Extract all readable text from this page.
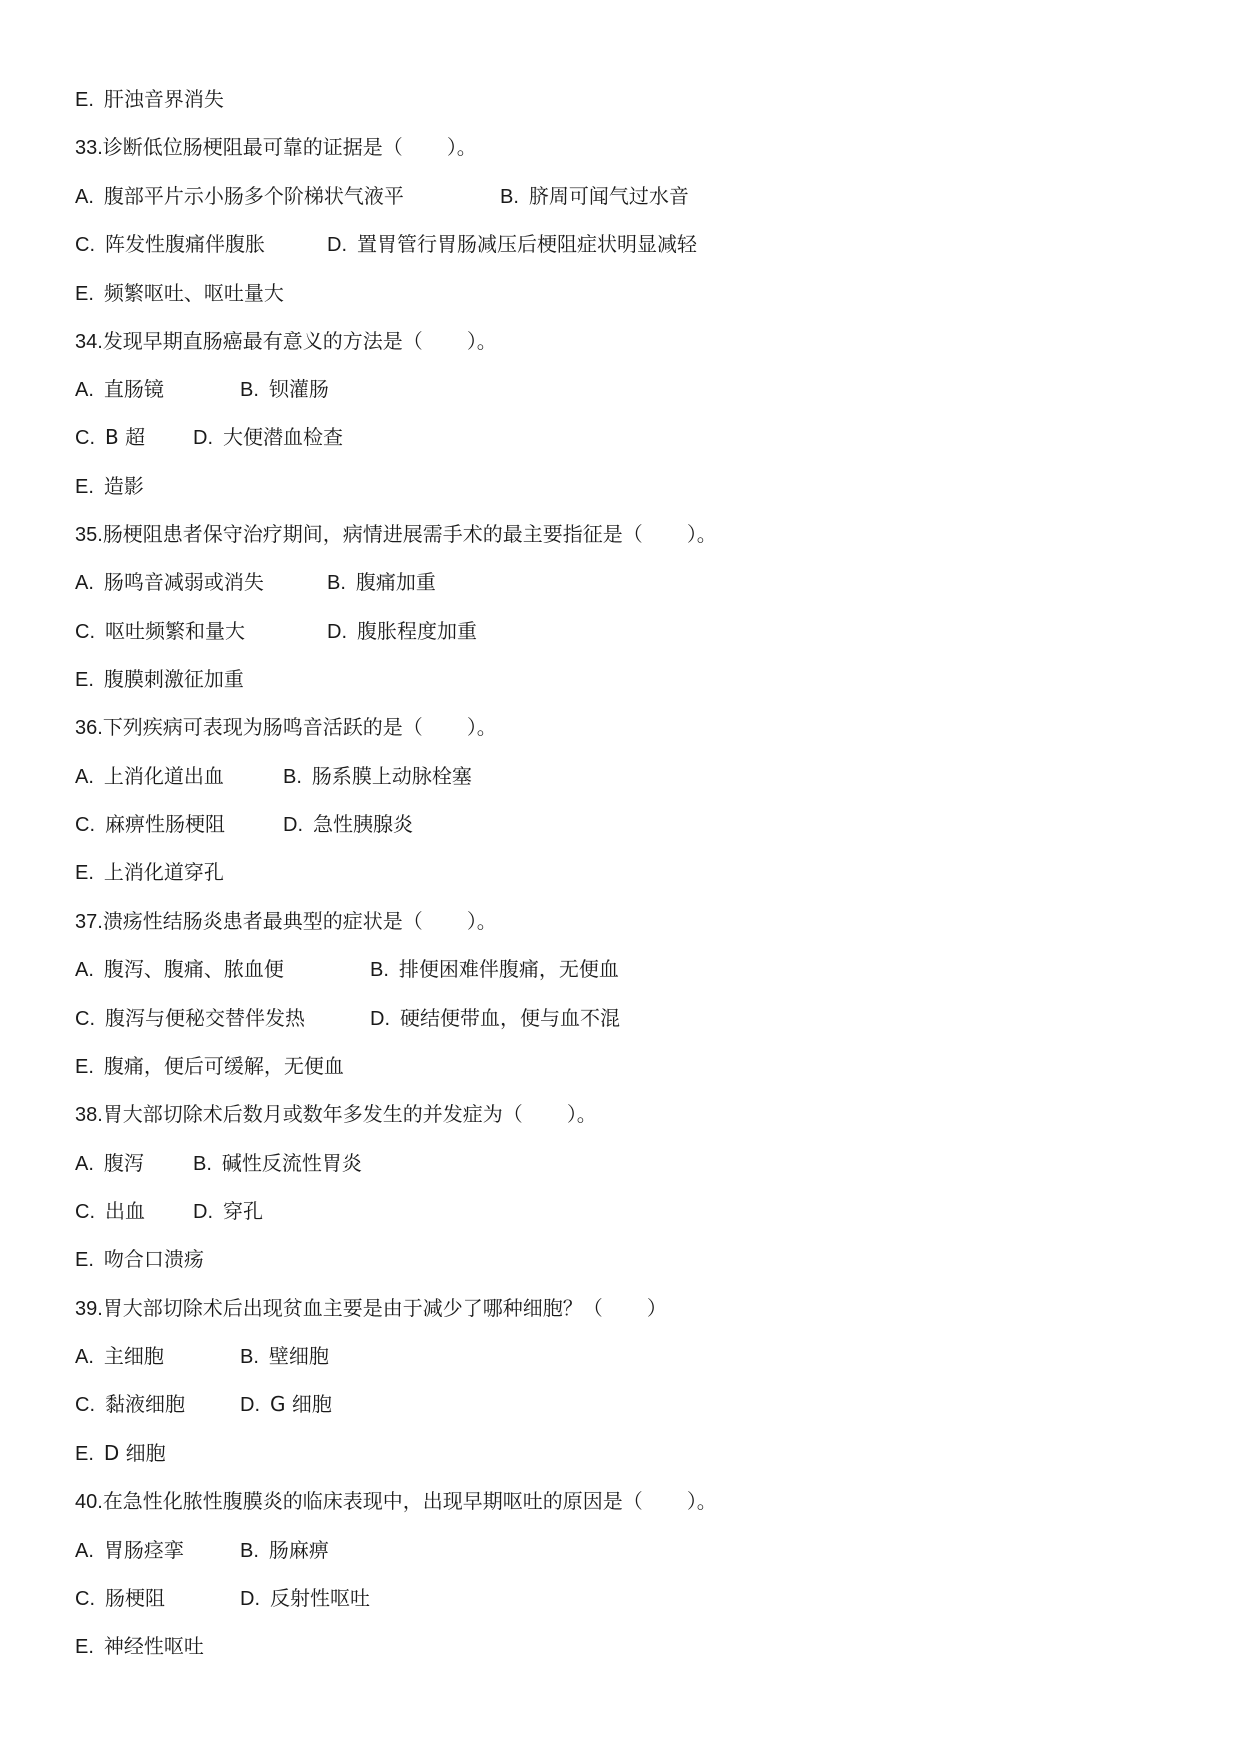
E. 肝浊音界消失
33.诊断低位肠梗阻最可靠的证据是（ ）。
A. 腹部平片示小肠多个阶梯状气液平	B. 脐周可闻气过水音
C. 阵发性腹痛伴腹胀	D. 置胃管行胃肠减压后梗阻症状明显减轻
E. 频繁呕吐、呕吐量大
34.发现早期直肠癌最有意义的方法是（ ）。
A. 直肠镜	B. 钡灌肠
C. B 超 D. 大便潜血检查
E. 造影
35.肠梗阻患者保守治疗期间，病情进展需手术的最主要指征是（ ）。
A. 肠鸣音减弱或消失	B. 腹痛加重
C. 呕吐频繁和量大	D. 腹胀程度加重
E. 腹膜刺激征加重
36.下列疾病可表现为肠鸣音活跃的是（ ）。
A. 上消化道出血	B. 肠系膜上动脉栓塞
C. 麻痹性肠梗阻	D. 急性胰腺炎
E. 上消化道穿孔
37.溃疡性结肠炎患者最典型的症状是（ ）。
A. 腹泻、腹痛、脓血便	B. 排便困难伴腹痛，无便血
C. 腹泻与便秘交替伴发热	D. 硬结便带血，便与血不混
E. 腹痛，便后可缓解，无便血
38.胃大部切除术后数月或数年多发生的并发症为（ ）。
A. 腹泻 B. 碱性反流性胃炎
C. 出血 D. 穿孔
E. 吻合口溃疡
39.胃大部切除术后出现贫血主要是由于减少了哪种细胞？（ ）
A. 主细胞	B. 壁细胞
C. 黏液细胞	D. G 细胞
E. D 细胞
40.在急性化脓性腹膜炎的临床表现中，出现早期呕吐的原因是（ ）。
A. 胃肠痉挛	B. 肠麻痹
C. 肠梗阻	D. 反射性呕吐
E. 神经性呕吐
